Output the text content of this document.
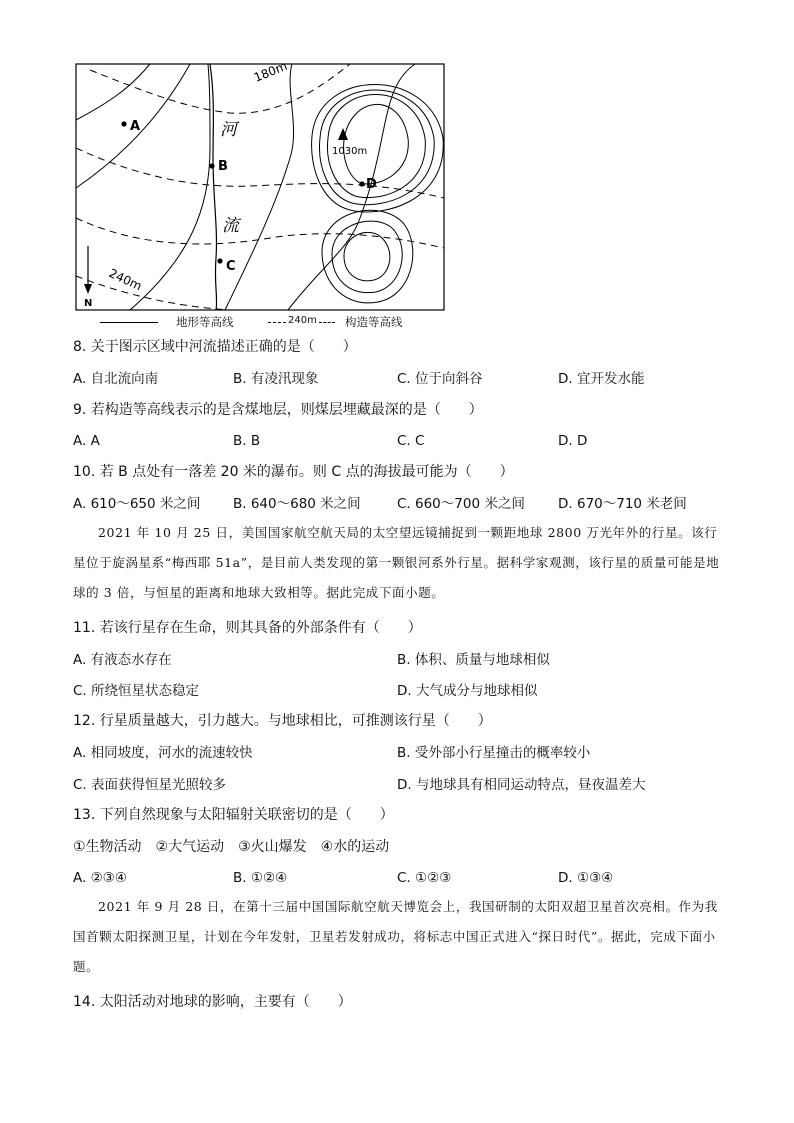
A
B
C
D
河
流
1030m
180m
240m
N
地形等高线	240m 构造等高线
8. 关于图示区域中河流描述正确的是（　　）
A. 自北流向南	B. 有凌汛现象	C. 位于向斜谷	D. 宜开发水能
9. 若构造等高线表示的是含煤地层，则煤层埋藏最深的是（　　）
A. A	B. B	C. C	D. D
10. 若 B 点处有一落差 20 米的瀑布。则 C 点的海拔最可能为（　　）
A. 610～650 米之间 B. 640～680 米之间	C. 660～700 米之间 D. 670～710 米老间
2021 年 10 月 25 日，美国国家航空航天局的太空望远镜捕捉到一颗距地球 2800 万光年外的行星。该行星位于旋涡星系“梅西耶 51a”，是目前人类发现的第一颗银河系外行星。据科学家观测，该行星的质量可能是地球的 3 倍，与恒星的距离和地球大致相等。据此完成下面小题。
11. 若该行星存在生命，则其具备的外部条件有（　　）
A. 有液态水存在	B. 体积、质量与地球相似
C. 所绕恒星状态稳定	D. 大气成分与地球相似
12. 行星质量越大，引力越大。与地球相比，可推测该行星（　　）
A. 相同坡度，河水的流速较快	B. 受外部小行星撞击的概率较小
C. 表面获得恒星光照较多	D. 与地球具有相同运动特点，昼夜温差大
13. 下列自然现象与太阳辐射关联密切的是（　　）
①生物活动　②大气运动　③火山爆发　④水的运动
A. ②③④	B. ①②④	C. ①②③	D. ①③④
2021 年 9 月 28 日，在第十三届中国国际航空航天博览会上，我国研制的太阳双超卫星首次亮相。作为我国首颗太阳探测卫星，计划在今年发射，卫星若发射成功，将标志中国正式进入“探日时代”。据此，完成下面小题。
14. 太阳活动对地球的影响，主要有（　　）
